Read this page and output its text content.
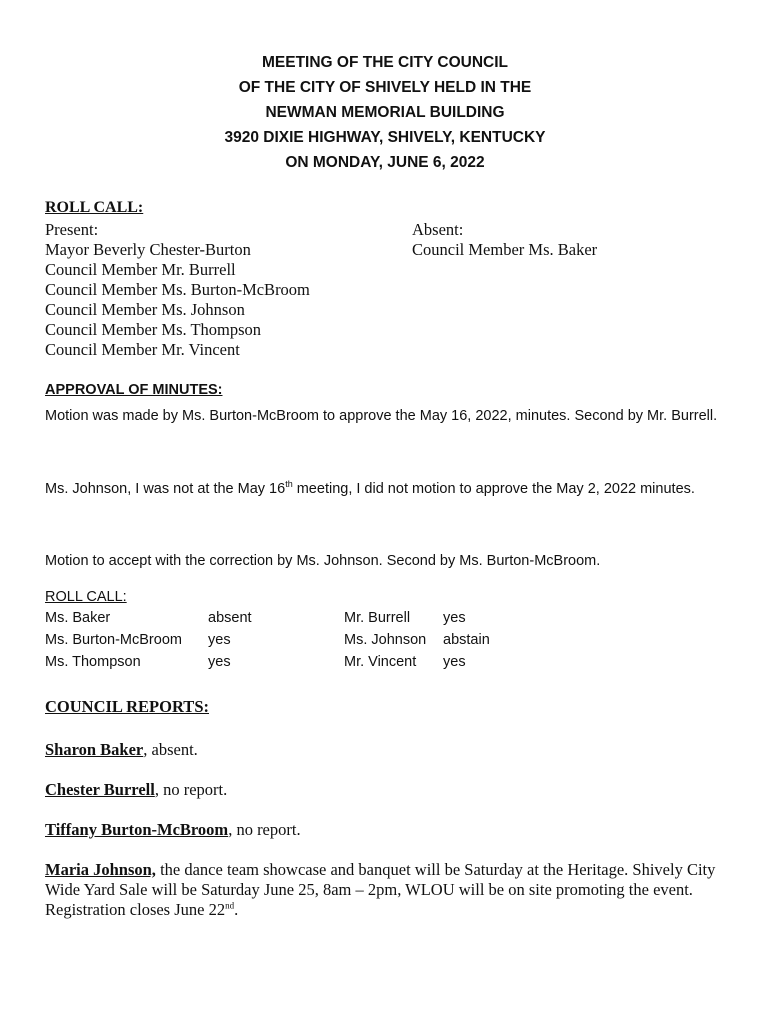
MEETING OF THE CITY COUNCIL
OF THE CITY OF SHIVELY HELD IN THE
NEWMAN MEMORIAL BUILDING
3920 DIXIE HIGHWAY, SHIVELY, KENTUCKY
ON MONDAY, JUNE 6, 2022
ROLL CALL:
Present:
Mayor Beverly Chester-Burton
Council Member Mr. Burrell
Council Member Ms. Burton-McBroom
Council Member Ms. Johnson
Council Member Ms. Thompson
Council Member Mr. Vincent
Absent:
Council Member Ms. Baker
APPROVAL OF MINUTES:
Motion was made by Ms. Burton-McBroom to approve the May 16, 2022, minutes. Second by Mr. Burrell.
Ms. Johnson, I was not at the May 16th meeting, I did not motion to approve the May 2, 2022 minutes.
Motion to accept with the correction by Ms. Johnson. Second by Ms. Burton-McBroom.
ROLL CALL:
Ms. Baker	absent	Mr. Burrell yes
Ms. Burton-McBroom yes	Ms. Johnson abstain
Ms. Thompson	yes	Mr. Vincent yes
COUNCIL REPORTS:
Sharon Baker, absent.
Chester Burrell, no report.
Tiffany Burton-McBroom, no report.
Maria Johnson, the dance team showcase and banquet will be Saturday at the Heritage. Shively City Wide Yard Sale will be Saturday June 25, 8am – 2pm, WLOU will be on site promoting the event. Registration closes June 22nd.
